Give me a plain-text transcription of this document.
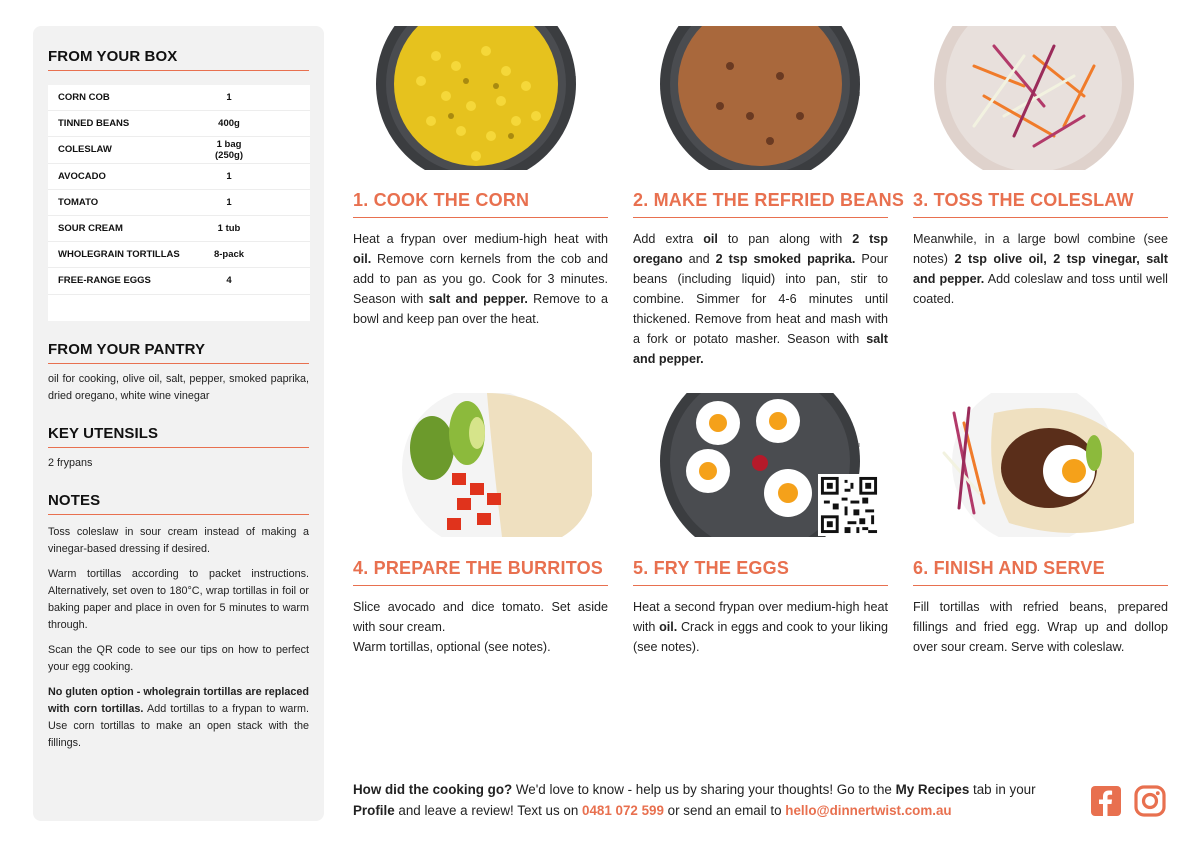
FROM YOUR BOX
CORN COB	1
TINNED BEANS	400g
COLESLAW	1 bag (250g)
AVOCADO	1
TOMATO	1
SOUR CREAM	1 tub
WHOLEGRAIN TORTILLAS	8-pack
FREE-RANGE EGGS	4
FROM YOUR PANTRY
oil for cooking, olive oil, salt, pepper, smoked paprika, dried oregano, white wine vinegar
KEY UTENSILS
2 frypans
NOTES
Toss coleslaw in sour cream instead of making a vinegar-based dressing if desired.
Warm tortillas according to packet instructions. Alternatively, set oven to 180°C, wrap tortillas in foil or baking paper and place in oven for 5 minutes to warm through.
Scan the QR code to see our tips on how to perfect your egg cooking.
No gluten option - wholegrain tortillas are replaced with corn tortillas. Add tortillas to a frypan to warm. Use corn tortillas to make an open stack with the fillings.
1. COOK THE CORN
Heat a frypan over medium-high heat with oil. Remove corn kernels from the cob and add to pan as you go. Cook for 3 minutes. Season with salt and pepper. Remove to a bowl and keep pan over the heat.
2. MAKE THE REFRIED BEANS
Add extra oil to pan along with 2 tsp oregano and 2 tsp smoked paprika. Pour beans (including liquid) into pan, stir to combine. Simmer for 4-6 minutes until thickened. Remove from heat and mash with a fork or potato masher. Season with salt and pepper.
3. TOSS THE COLESLAW
Meanwhile, in a large bowl combine (see notes) 2 tsp olive oil, 2 tsp vinegar, salt and pepper. Add coleslaw and toss until well coated.
4. PREPARE THE BURRITOS
Slice avocado and dice tomato. Set aside with sour cream.
Warm tortillas, optional (see notes).
5. FRY THE EGGS
Heat a second frypan over medium-high heat with oil. Crack in eggs and cook to your liking (see notes).
6. FINISH AND SERVE
Fill tortillas with refried beans, prepared fillings and fried egg. Wrap up and dollop over sour cream. Serve with coleslaw.
How did the cooking go? We'd love to know - help us by sharing your thoughts! Go to the My Recipes tab in your Profile and leave a review! Text us on 0481 072 599 or send an email to hello@dinnertwist.com.au
